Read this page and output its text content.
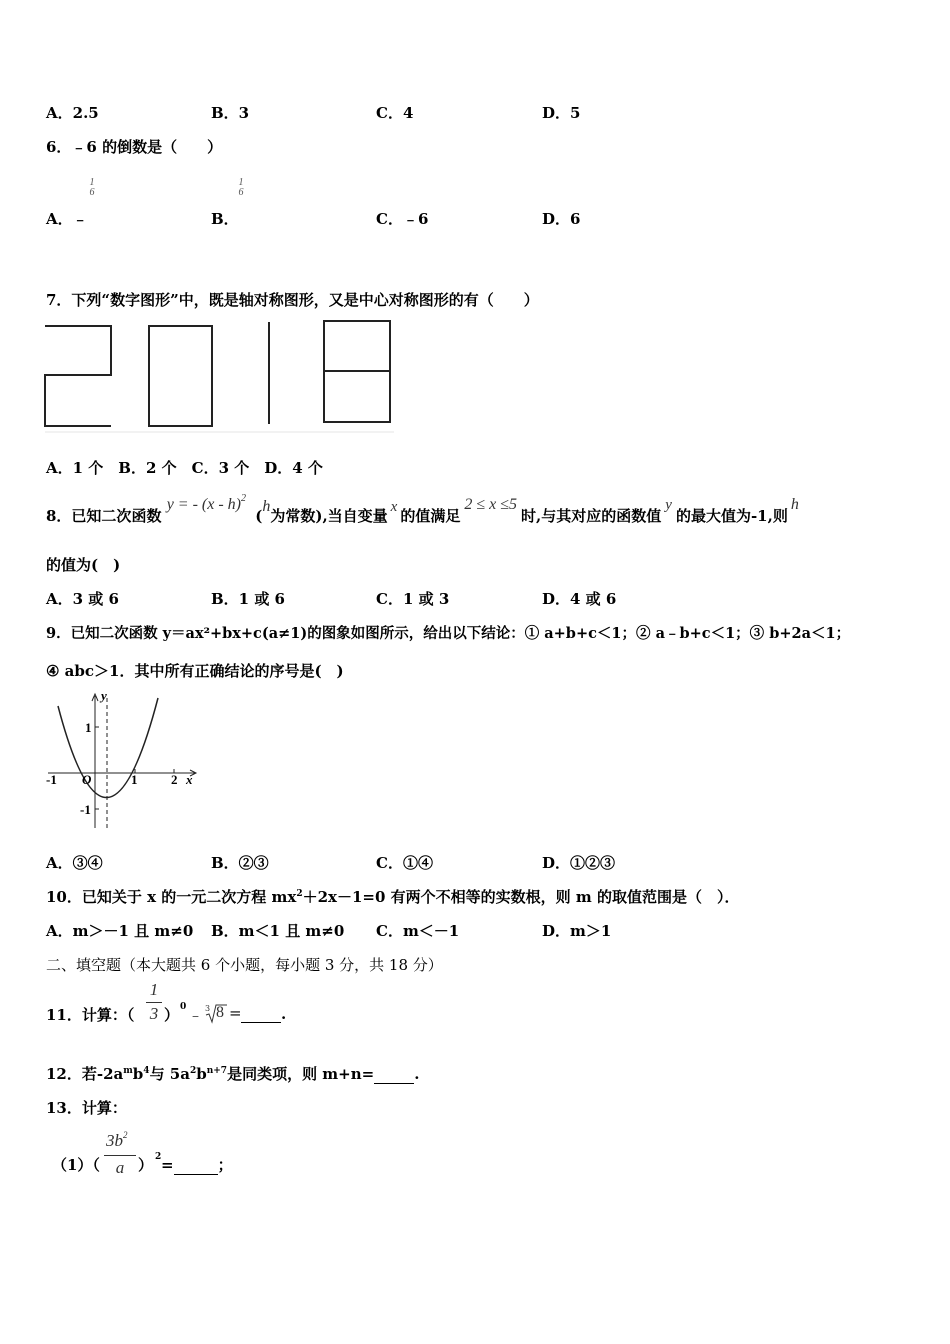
A．2.5	B．3	C．4	D．5
6．﹣6 的倒数是（　　）
1
6
1
6
A．﹣	B．	C．﹣6	D．6
7．下列“数字图形”中，既是轴对称图形，又是中心对称图形的有（　　）
A．1 个　B．2 个　C．3 个　D．4 个
8．已知二次函数 y = - (x - h)$^2$ (h为常数),当自变量 x 的值满足2 ≤ x ≤5时,与其对应的函数值y的最大值为-1,则h
的值为(　)
A．3 或 6	B．1 或 6	C．1 或 3	D．4 或 6
9．已知二次函数 y＝ax²+bx+c(a≠1)的图象如图所示，给出以下结论：① a+b+c＜1；② a﹣b+c＜1；③ b+2a＜1；
④ abc＞1．其中所有正确结论的序号是(　)
y
x
O
-1	1	2
1
-1
A．③④	B．②③	C．①④	D．①②③
10．已知关于 x 的一元二次方程 $mx^2+2x-1=0$ 有两个不相等的实数根，则 m 的取值范围是（　）．
A．m＞－1 且 m≠0 B．m＜1 且 m≠0 C．m＜－1	D．m＞1
二、填空题（本大题共 6 个小题，每小题 3 分，共 18 分）
11．计算：（
1
3 ） 0 ﹣ 3 8 =	.
12．若$-2a^mb^4$与 $5a^2b^{n+7}$是同类项，则 m+n=	.
13．计算：
（1）（
$3b^2$
a ） 2 =	；
